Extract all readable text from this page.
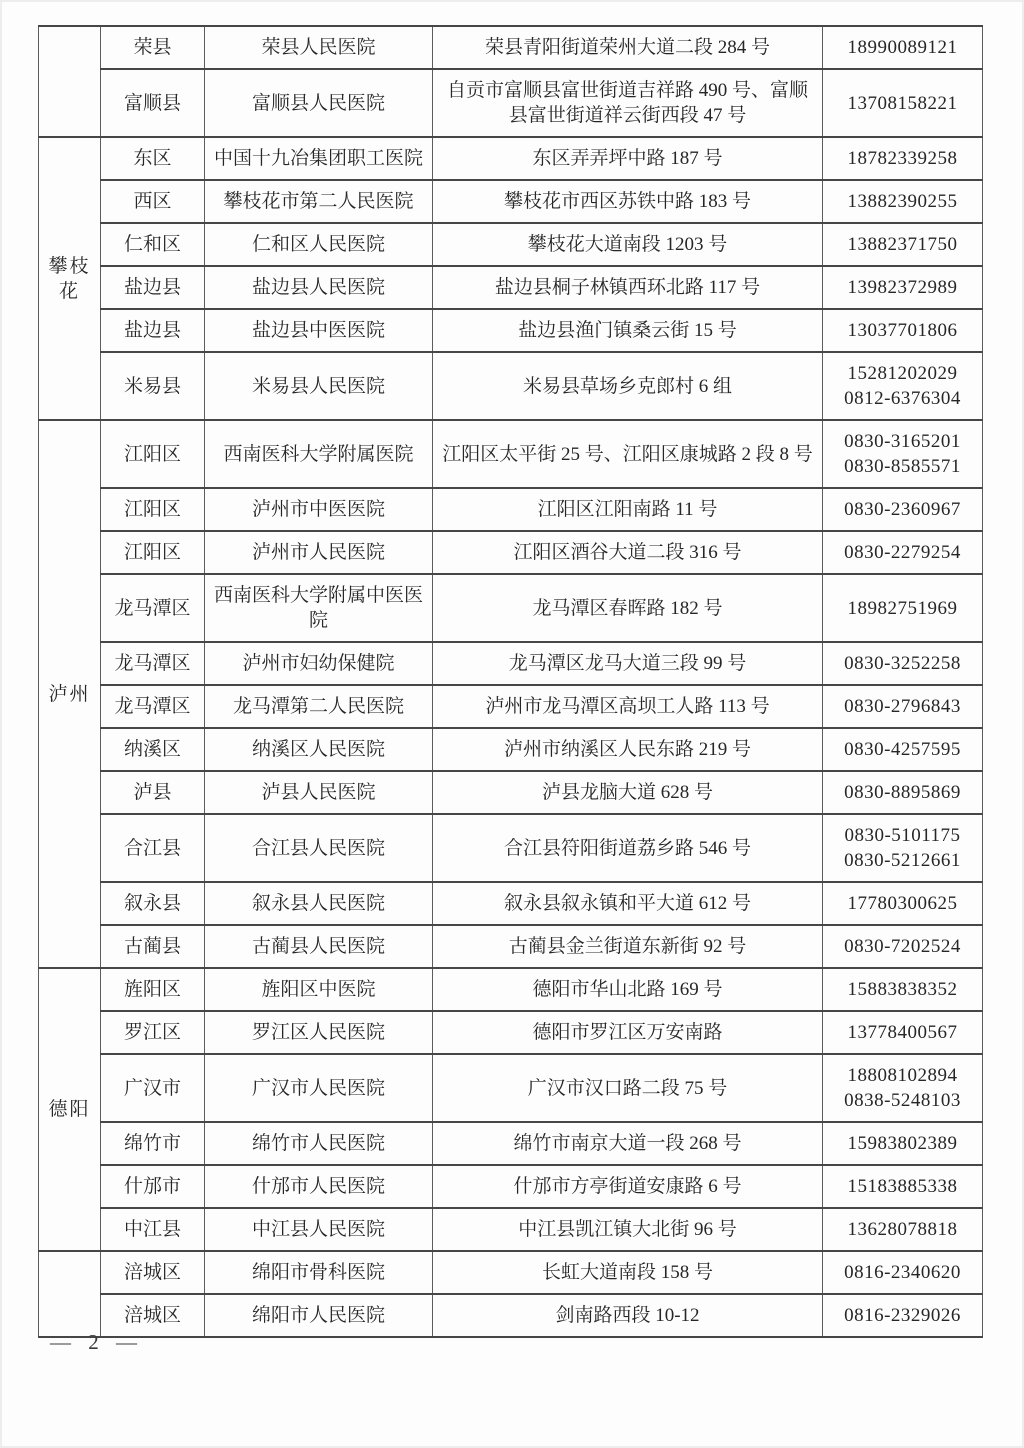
	荣县	荣县人民医院	荣县青阳街道荣州大道二段 284 号	18990089121

	富顺县	富顺县人民医院	自贡市富顺县富世街道吉祥路 490 号、富顺县富世街道祥云街西段 47 号	13708158221

攀枝花	东区	中国十九冶集团职工医院	东区弄弄坪中路 187 号	18782339258

	西区	攀枝花市第二人民医院	攀枝花市西区苏铁中路 183 号	13882390255

	仁和区	仁和区人民医院	攀枝花大道南段 1203 号	13882371750

	盐边县	盐边县人民医院	盐边县桐子林镇西环北路 117 号	13982372989

	盐边县	盐边县中医医院	盐边县渔门镇桑云街 15 号	13037701806

	米易县	米易县人民医院	米易县草场乡克郎村 6 组	15281202029
0812-6376304

泸州	江阳区	西南医科大学附属医院	江阳区太平街 25 号、江阳区康城路 2 段 8 号	0830-3165201
0830-8585571

	江阳区	泸州市中医医院	江阳区江阳南路 11 号	0830-2360967

	江阳区	泸州市人民医院	江阳区酒谷大道二段 316 号	0830-2279254

	龙马潭区	西南医科大学附属中医医院	龙马潭区春晖路 182 号	18982751969

	龙马潭区	泸州市妇幼保健院	龙马潭区龙马大道三段 99 号	0830-3252258

	龙马潭区	龙马潭第二人民医院	泸州市龙马潭区高坝工人路 113 号	0830-2796843

	纳溪区	纳溪区人民医院	泸州市纳溪区人民东路 219 号	0830-4257595

	泸县	泸县人民医院	泸县龙脑大道 628 号	0830-8895869

	合江县	合江县人民医院	合江县符阳街道荔乡路 546 号	0830-5101175
0830-5212661

	叙永县	叙永县人民医院	叙永县叙永镇和平大道 612 号	17780300625

	古蔺县	古蔺县人民医院	古蔺县金兰街道东新街 92 号	0830-7202524

德阳	旌阳区	旌阳区中医院	德阳市华山北路 169 号	15883838352

	罗江区	罗江区人民医院	德阳市罗江区万安南路	13778400567

	广汉市	广汉市人民医院	广汉市汉口路二段 75 号	18808102894
0838-5248103

	绵竹市	绵竹市人民医院	绵竹市南京大道一段 268 号	15983802389

	什邡市	什邡市人民医院	什邡市方亭街道安康路 6 号	15183885338

	中江县	中江县人民医院	中江县凯江镇大北街 96 号	13628078818

	涪城区	绵阳市骨科医院	长虹大道南段 158 号	0816-2340620

	涪城区	绵阳市人民医院	剑南路西段 10-12	0816-2329026
— 2 —
